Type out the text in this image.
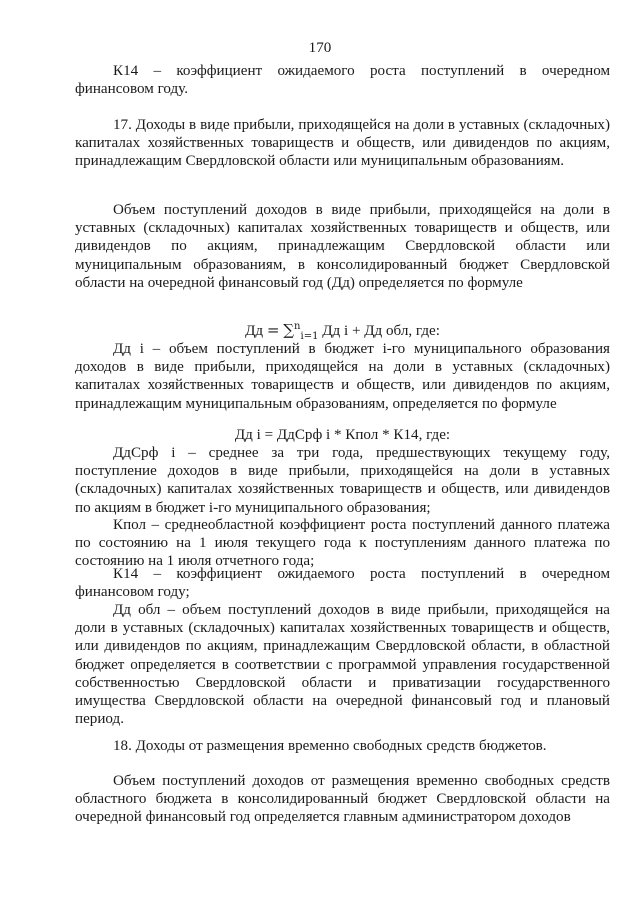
170

К14 – коэффициент ожидаемого роста поступлений в очередном финансовом году.

17. Доходы в виде прибыли, приходящейся на доли в уставных (складочных) капиталах хозяйственных товариществ и обществ, или дивидендов по акциям, принадлежащим Свердловской области или муниципальным образованиям.

Объем поступлений доходов в виде прибыли, приходящейся на доли в уставных (складочных) капиталах хозяйственных товариществ и обществ, или дивидендов по акциям, принадлежащим Свердловской области или муниципальным образованиям, в консолидированный бюджет Свердловской области на очередной финансовый год (Дд) определяется по формуле

Дд = ∑$^n_{i=1}$ Дд i + Дд обл, где:

Дд i – объем поступлений в бюджет i-го муниципального образования доходов в виде прибыли, приходящейся на доли в уставных (складочных) капиталах хозяйственных товариществ и обществ, или дивидендов по акциям, принадлежащим муниципальным образованиям, определяется по формуле

Дд i = ДдСрф i * Кпол * К14, где:

ДдСрф i – среднее за три года, предшествующих текущему году, поступление доходов в виде прибыли, приходящейся на доли в уставных (складочных) капиталах хозяйственных товариществ и обществ, или дивидендов по акциям в бюджет i-го муниципального образования;

Кпол – среднеобластной коэффициент роста поступлений данного платежа по состоянию на 1 июля текущего года к поступлениям данного платежа по состоянию на 1 июля отчетного года;

К14 – коэффициент ожидаемого роста поступлений в очередном финансовом году;

Дд обл – объем поступлений доходов в виде прибыли, приходящейся на доли в уставных (складочных) капиталах хозяйственных товариществ и обществ, или дивидендов по акциям, принадлежащим Свердловской области, в областной бюджет определяется в соответствии с программой управления государственной собственностью Свердловской области и приватизации государственного имущества Свердловской области на очередной финансовый год и плановый период.

18. Доходы от размещения временно свободных средств бюджетов.

Объем поступлений доходов от размещения временно свободных средств областного бюджета в консолидированный бюджет Свердловской области на очередной финансовый год определяется главным администратором доходов
